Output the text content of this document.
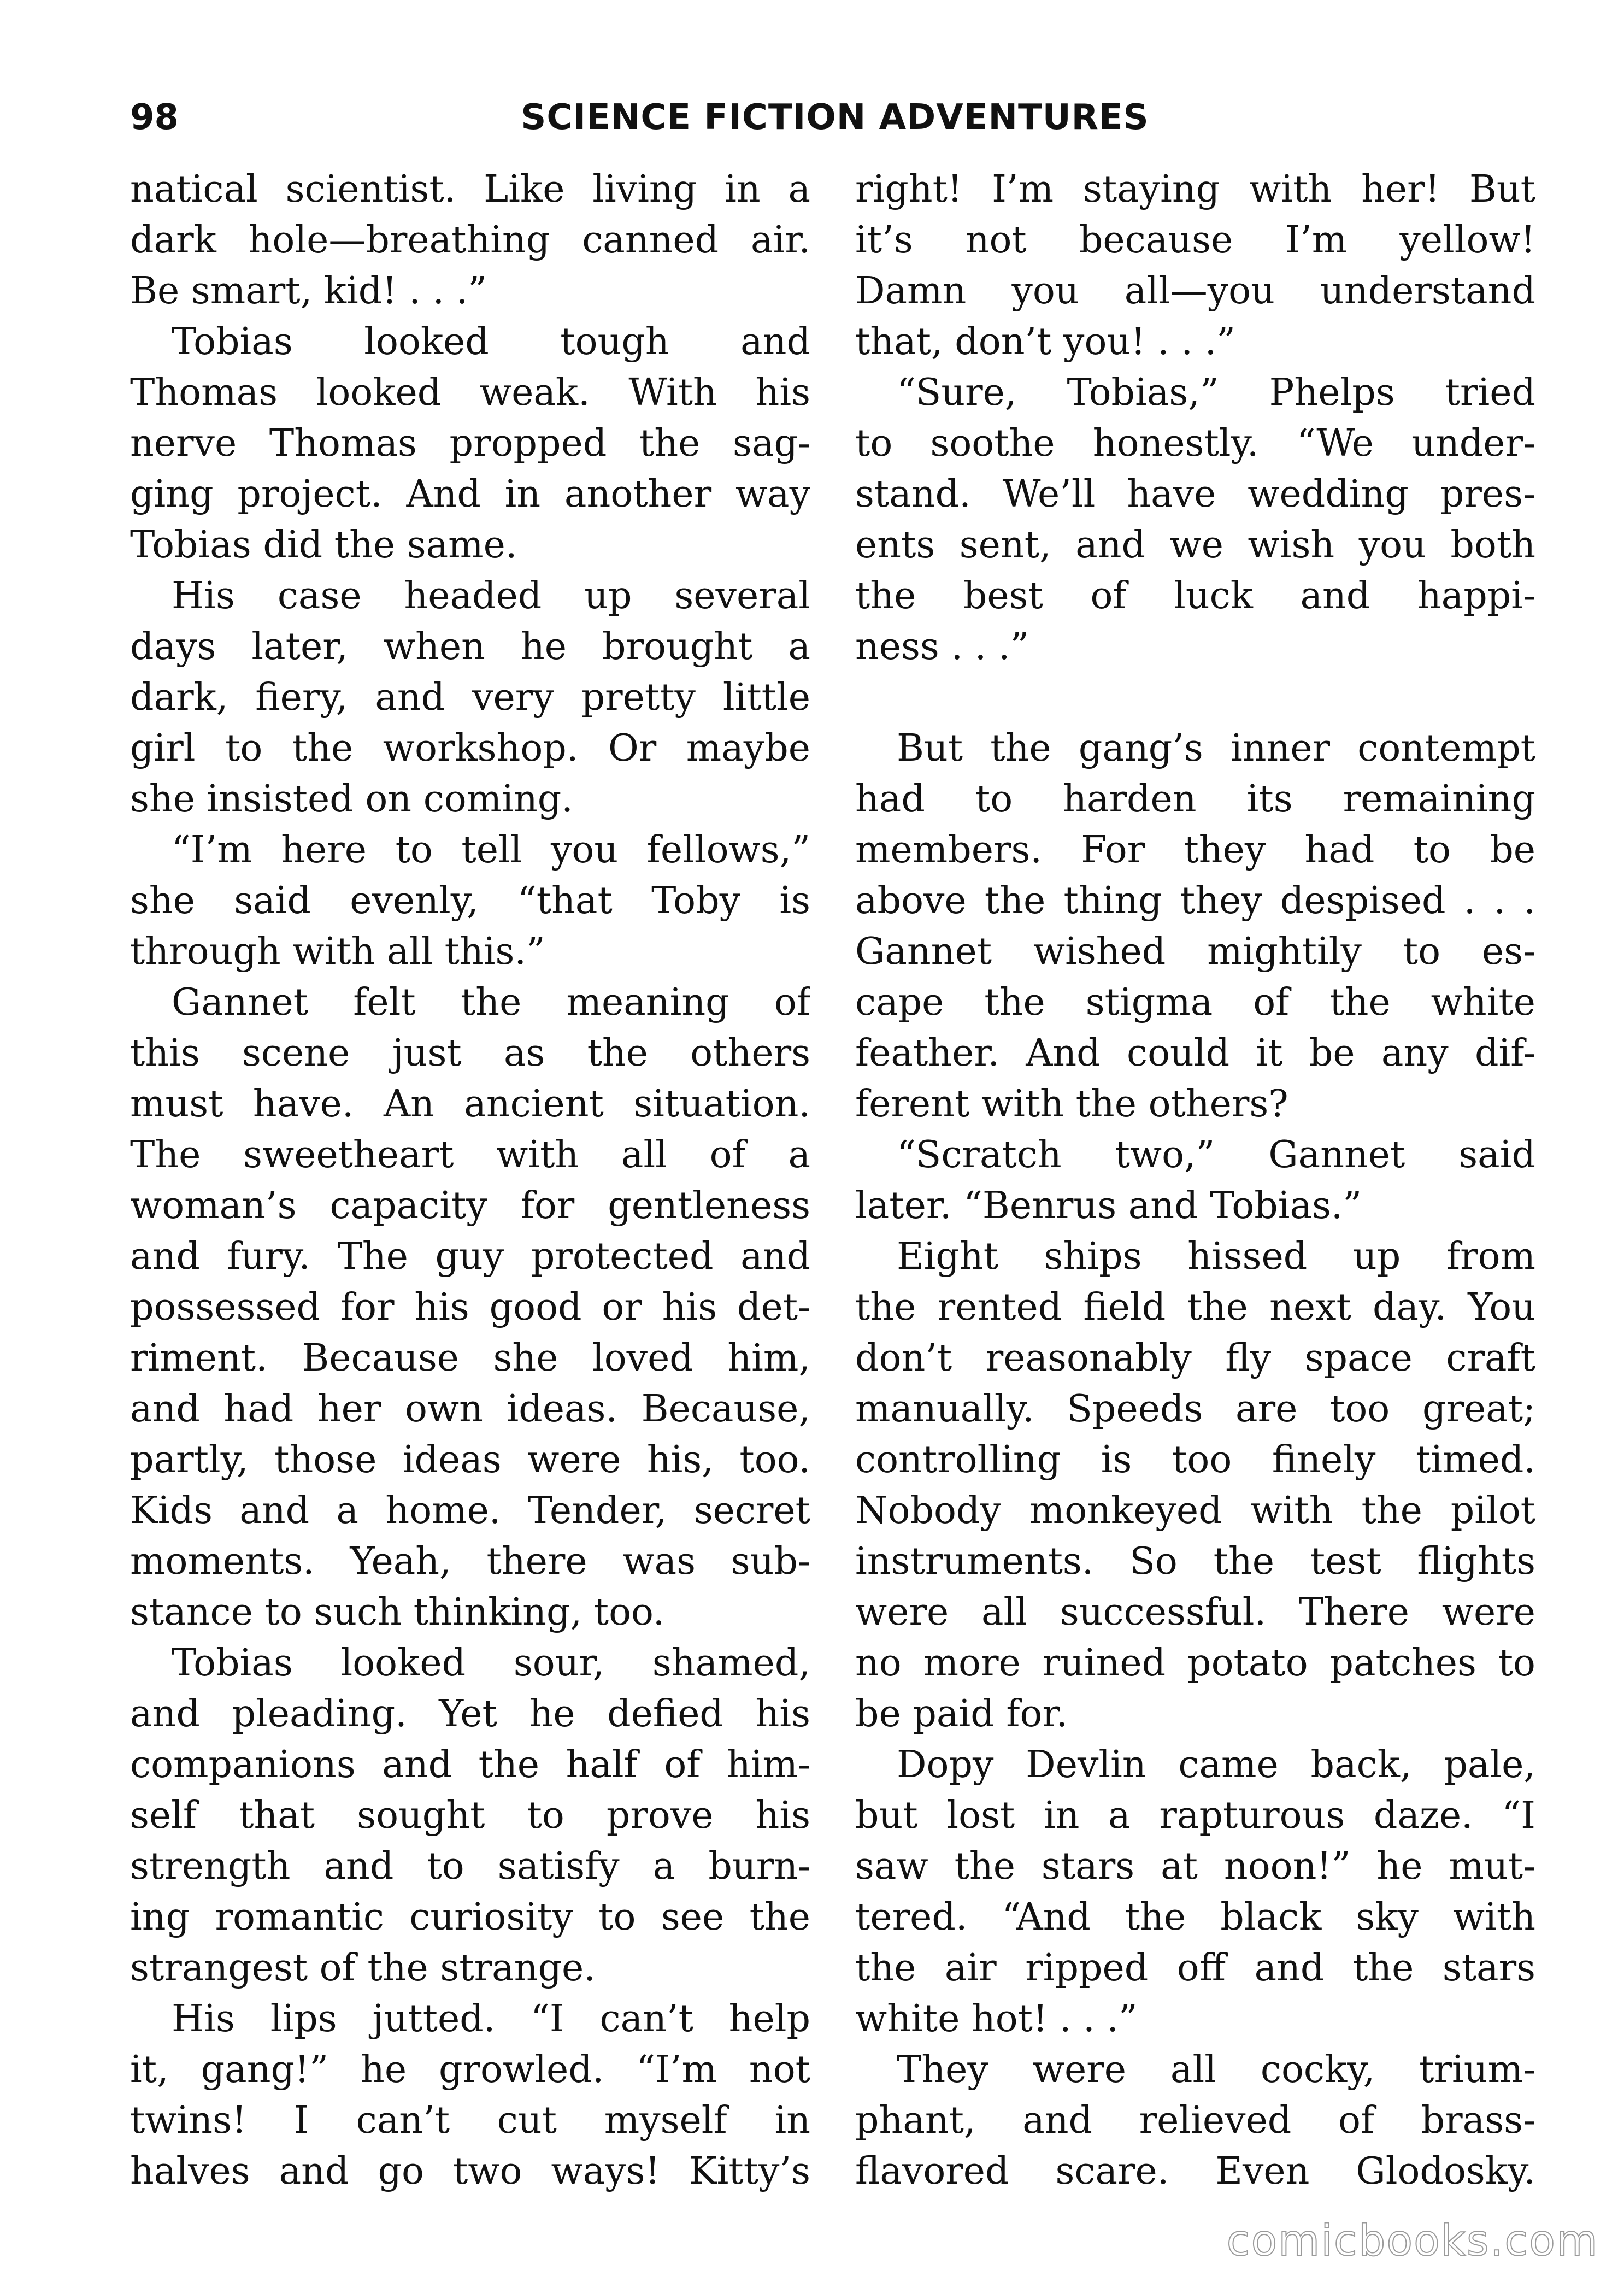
98	SCIENCE FICTION ADVENTURES
natical scientist. Like living in a
dark hole—breathing canned air.
Be smart, kid! . . .”
Tobias looked tough and
Thomas looked weak. With his
nerve Thomas propped the sag-
ging project. And in another way
Tobias did the same.
His case headed up several
days later, when he brought a
dark, fiery, and very pretty little
girl to the workshop. Or maybe
she insisted on coming.
“I’m here to tell you fellows,”
she said evenly, “that Toby is
through with all this.”
Gannet felt the meaning of
this scene just as the others
must have. An ancient situation.
The sweetheart with all of a
woman’s capacity for gentleness
and fury. The guy protected and
possessed for his good or his det-
riment. Because she loved him,
and had her own ideas. Because,
partly, those ideas were his, too.
Kids and a home. Tender, secret
moments. Yeah, there was sub-
stance to such thinking, too.
Tobias looked sour, shamed,
and pleading. Yet he defied his
companions and the half of him-
self that sought to prove his
strength and to satisfy a burn-
ing romantic curiosity to see the
strangest of the strange.
His lips jutted. “I can’t help
it, gang!” he growled. “I’m not
twins! I can’t cut myself in
halves and go two ways! Kitty’s
right! I’m staying with her! But
it’s not because I’m yellow!
Damn you all—you understand
that, don’t you! . . .”
“Sure, Tobias,” Phelps tried
to soothe honestly. “We under-
stand. We’ll have wedding pres-
ents sent, and we wish you both
the best of luck and happi-
ness . . .”
But the gang’s inner contempt
had to harden its remaining
members. For they had to be
above the thing they despised . . .
Gannet wished mightily to es-
cape the stigma of the white
feather. And could it be any dif-
ferent with the others?
“Scratch two,” Gannet said
later. “Benrus and Tobias.”
Eight ships hissed up from
the rented field the next day. You
don’t reasonably fly space craft
manually. Speeds are too great;
controlling is too finely timed.
Nobody monkeyed with the pilot
instruments. So the test flights
were all successful. There were
no more ruined potato patches to
be paid for.
Dopy Devlin came back, pale,
but lost in a rapturous daze. “I
saw the stars at noon!” he mut-
tered. “And the black sky with
the air ripped off and the stars
white hot! . . .”
They were all cocky, trium-
phant, and relieved of brass-
flavored scare. Even Glodosky.
comicbooks.com
